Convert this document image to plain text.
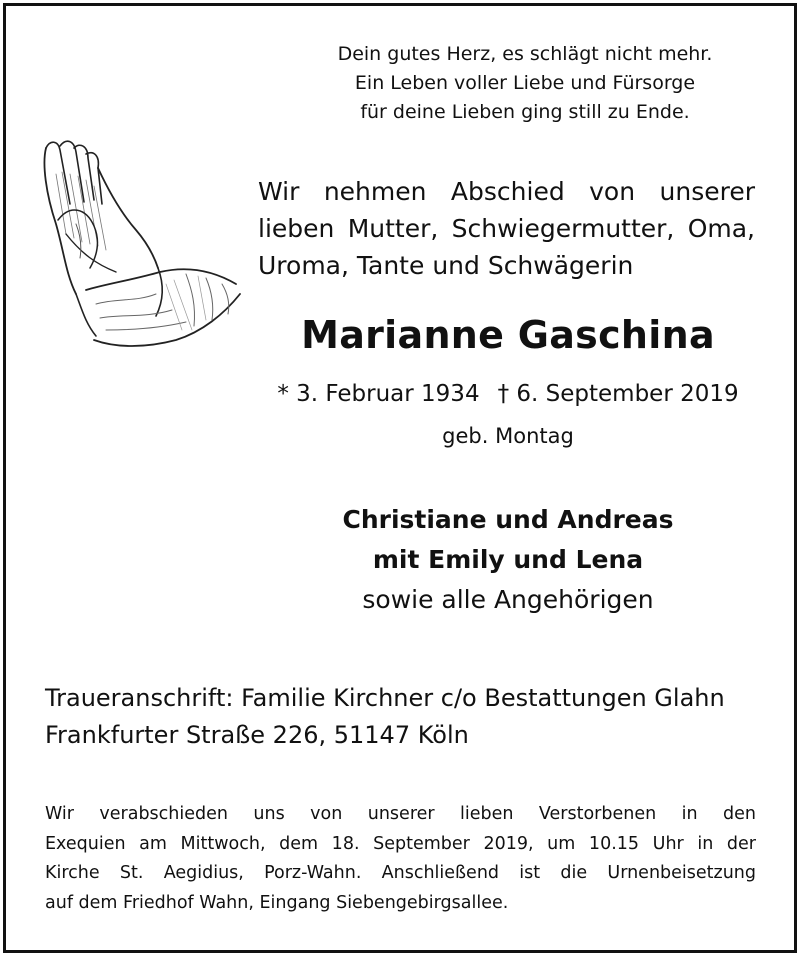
Dein gutes Herz, es schlägt nicht mehr.
Ein Leben voller Liebe und Fürsorge
für deine Lieben ging still zu Ende.
Wir nehmen Abschied von unserer
lieben Mutter, Schwiegermutter, Oma,
Uroma, Tante und Schwägerin
Marianne Gaschina
* 3. Februar 1934 † 6. September 2019
geb. Montag
Christiane und Andreas
mit Emily und Lena
sowie alle Angehörigen
Traueranschrift: Familie Kirchner c/o Bestattungen Glahn
Frankfurter Straße 226, 51147 Köln
Wir verabschieden uns von unserer lieben Verstorbenen in den
Exequien am Mittwoch, dem 18. September 2019, um 10.15 Uhr in der
Kirche St. Aegidius, Porz-Wahn. Anschließend ist die Urnenbeisetzung
auf dem Friedhof Wahn, Eingang Siebengebirgsallee.
